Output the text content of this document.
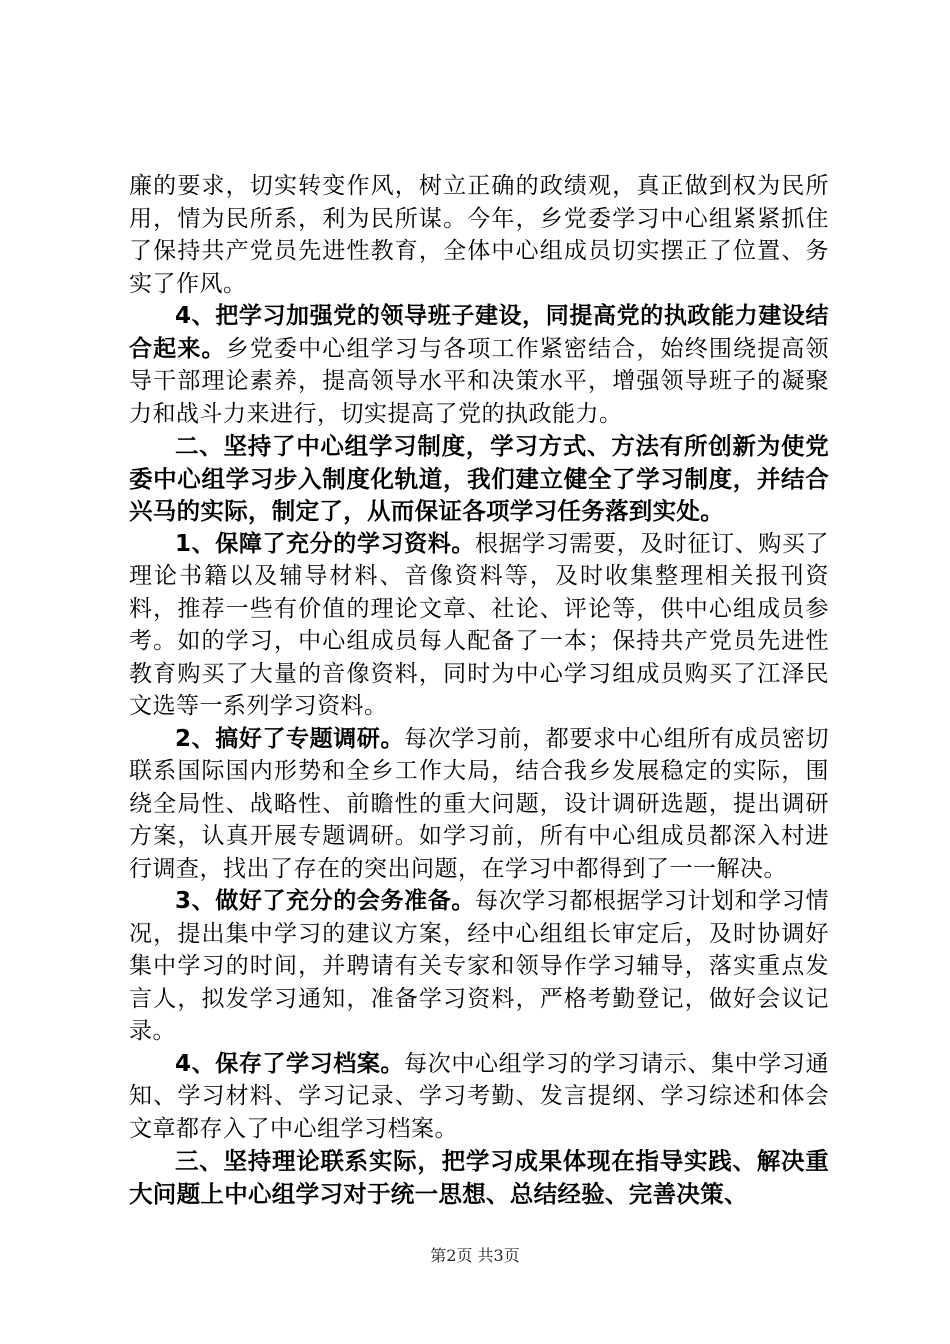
廉的要求，切实转变作风，树立正确的政绩观，真正做到权为民所用，情为民所系，利为民所谋。今年，乡党委学习中心组紧紧抓住了保持共产党员先进性教育，全体中心组成员切实摆正了位置、务实了作风。

4、把学习加强党的领导班子建设，同提高党的执政能力建设结合起来。乡党委中心组学习与各项工作紧密结合，始终围绕提高领导干部理论素养，提高领导水平和决策水平，增强领导班子的凝聚力和战斗力来进行，切实提高了党的执政能力。

二、坚持了中心组学习制度，学习方式、方法有所创新为使党委中心组学习步入制度化轨道，我们建立健全了学习制度，并结合兴马的实际，制定了，从而保证各项学习任务落到实处。

1、保障了充分的学习资料。根据学习需要，及时征订、购买了理论书籍以及辅导材料、音像资料等，及时收集整理相关报刊资料，推荐一些有价值的理论文章、社论、评论等，供中心组成员参考。如的学习，中心组成员每人配备了一本；保持共产党员先进性教育购买了大量的音像资料，同时为中心学习组成员购买了江泽民文选等一系列学习资料。

2、搞好了专题调研。每次学习前，都要求中心组所有成员密切联系国际国内形势和全乡工作大局，结合我乡发展稳定的实际，围绕全局性、战略性、前瞻性的重大问题，设计调研选题，提出调研方案，认真开展专题调研。如学习前，所有中心组成员都深入村进行调查，找出了存在的突出问题，在学习中都得到了一一解决。

3、做好了充分的会务准备。每次学习都根据学习计划和学习情况，提出集中学习的建议方案，经中心组组长审定后，及时协调好集中学习的时间，并聘请有关专家和领导作学习辅导，落实重点发言人，拟发学习通知，准备学习资料，严格考勤登记，做好会议记录。

4、保存了学习档案。每次中心组学习的学习请示、集中学习通知、学习材料、学习记录、学习考勤、发言提纲、学习综述和体会文章都存入了中心组学习档案。

三、坚持理论联系实际，把学习成果体现在指导实践、解决重大问题上中心组学习对于统一思想、总结经验、完善决策、

第2页 共3页
